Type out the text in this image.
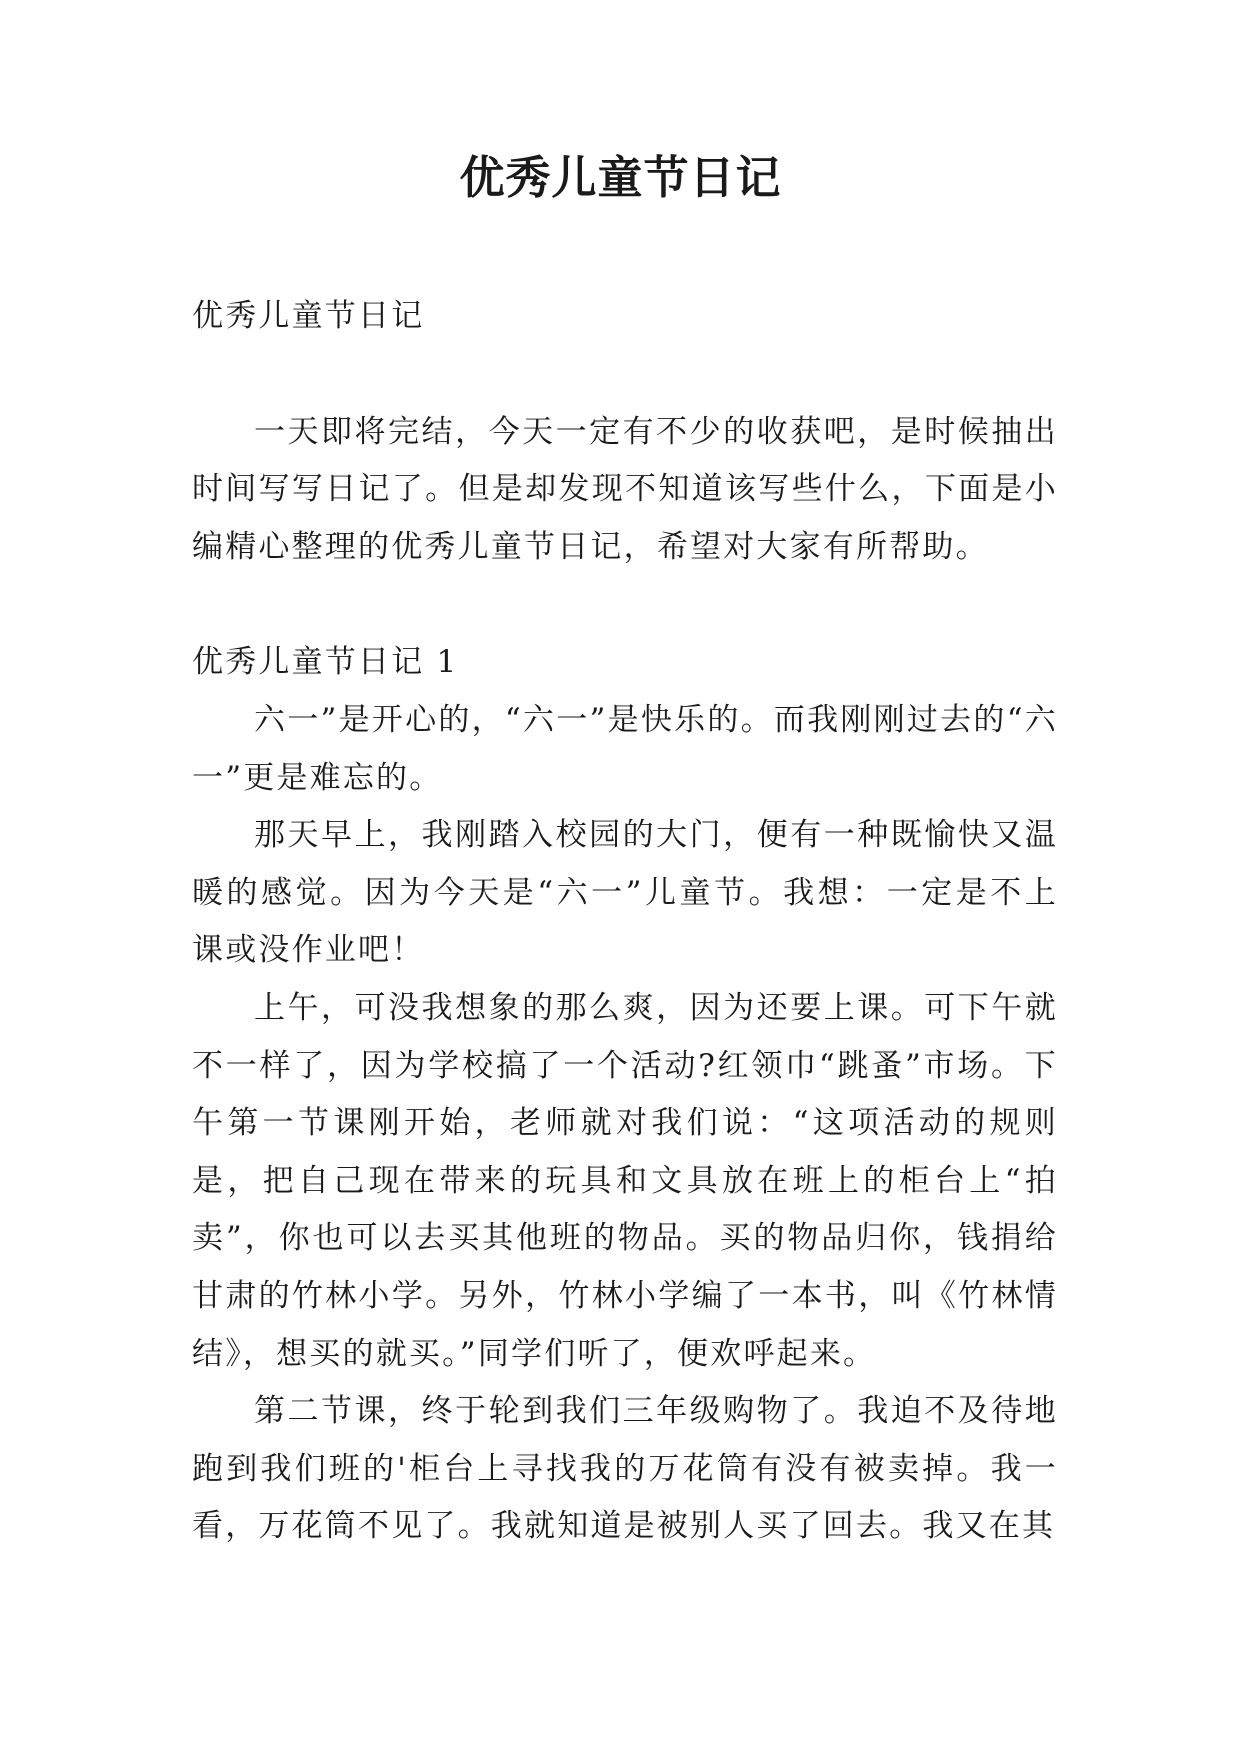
优秀儿童节日记

优秀儿童节日记

一天即将完结，今天一定有不少的收获吧，是时候抽出时间写写日记了。但是却发现不知道该写些什么，下面是小编精心整理的优秀儿童节日记，希望对大家有所帮助。

优秀儿童节日记 1

六一”是开心的，“六一”是快乐的。而我刚刚过去的“六一”更是难忘的。

那天早上，我刚踏入校园的大门，便有一种既愉快又温暖的感觉。因为今天是“六一”儿童节。我想：一定是不上课或没作业吧！

上午，可没我想象的那么爽，因为还要上课。可下午就不一样了，因为学校搞了一个活动?红领巾“跳蚤”市场。下午第一节课刚开始，老师就对我们说：“这项活动的规则是，把自己现在带来的玩具和文具放在班上的柜台上“拍卖”，你也可以去买其他班的物品。买的物品归你，钱捐给甘肃的竹林小学。另外，竹林小学编了一本书，叫《竹林情结》，想买的就买。”同学们听了，便欢呼起来。

第二节课，终于轮到我们三年级购物了。我迫不及待地跑到我们班的'柜台上寻找我的万花筒有没有被卖掉。我一看，万花筒不见了。我就知道是被别人买了回去。我又在其
